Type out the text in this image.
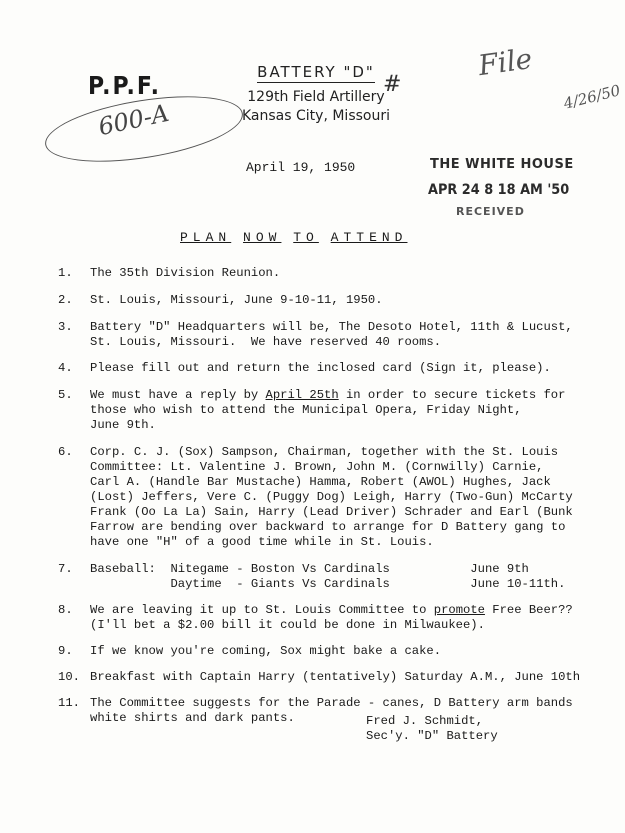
P.P.F.
600-A
BATTERY "D"
129th Field Artillery
Kansas City, Missouri
#
File
4/26/50
April 19, 1950	THE WHITE HOUSE
APR 24 8 18 AM '50
RECEIVED
PLAN NOW TO ATTEND
1. The 35th Division Reunion.
2. St. Louis, Missouri, June 9-10-11, 1950.
3. Battery "D" Headquarters will be, The Desoto Hotel, 11th & Lucust,
St. Louis, Missouri.  We have reserved 40 rooms.
4. Please fill out and return the inclosed card (Sign it, please).
5. We must have a reply by April 25th in order to secure tickets for
those who wish to attend the Municipal Opera, Friday Night,
June 9th.
6. Corp. C. J. (Sox) Sampson, Chairman, together with the St. Louis
Committee: Lt. Valentine J. Brown, John M. (Cornwilly) Carnie,
Carl A. (Handle Bar Mustache) Hamma, Robert (AWOL) Hughes, Jack
(Lost) Jeffers, Vere C. (Puggy Dog) Leigh, Harry (Two-Gun) McCarty
Frank (Oo La La) Sain, Harry (Lead Driver) Schrader and Earl (Bunk
Farrow are bending over backward to arrange for D Battery gang to
have one "H" of a good time while in St. Louis.
7. Baseball:  Nitegame - Boston Vs Cardinals           June 9th
Daytime  - Giants Vs Cardinals           June 10-11th.
8. We are leaving it up to St. Louis Committee to promote Free Beer??
(I'll bet a $2.00 bill it could be done in Milwaukee).
9. If we know you're coming, Sox might bake a cake.
10. Breakfast with Captain Harry (tentatively) Saturday A.M., June 10th
11. The Committee suggests for the Parade - canes, D Battery arm bands
white shirts and dark pants.	Fred J. Schmidt,
Sec'y. "D" Battery
